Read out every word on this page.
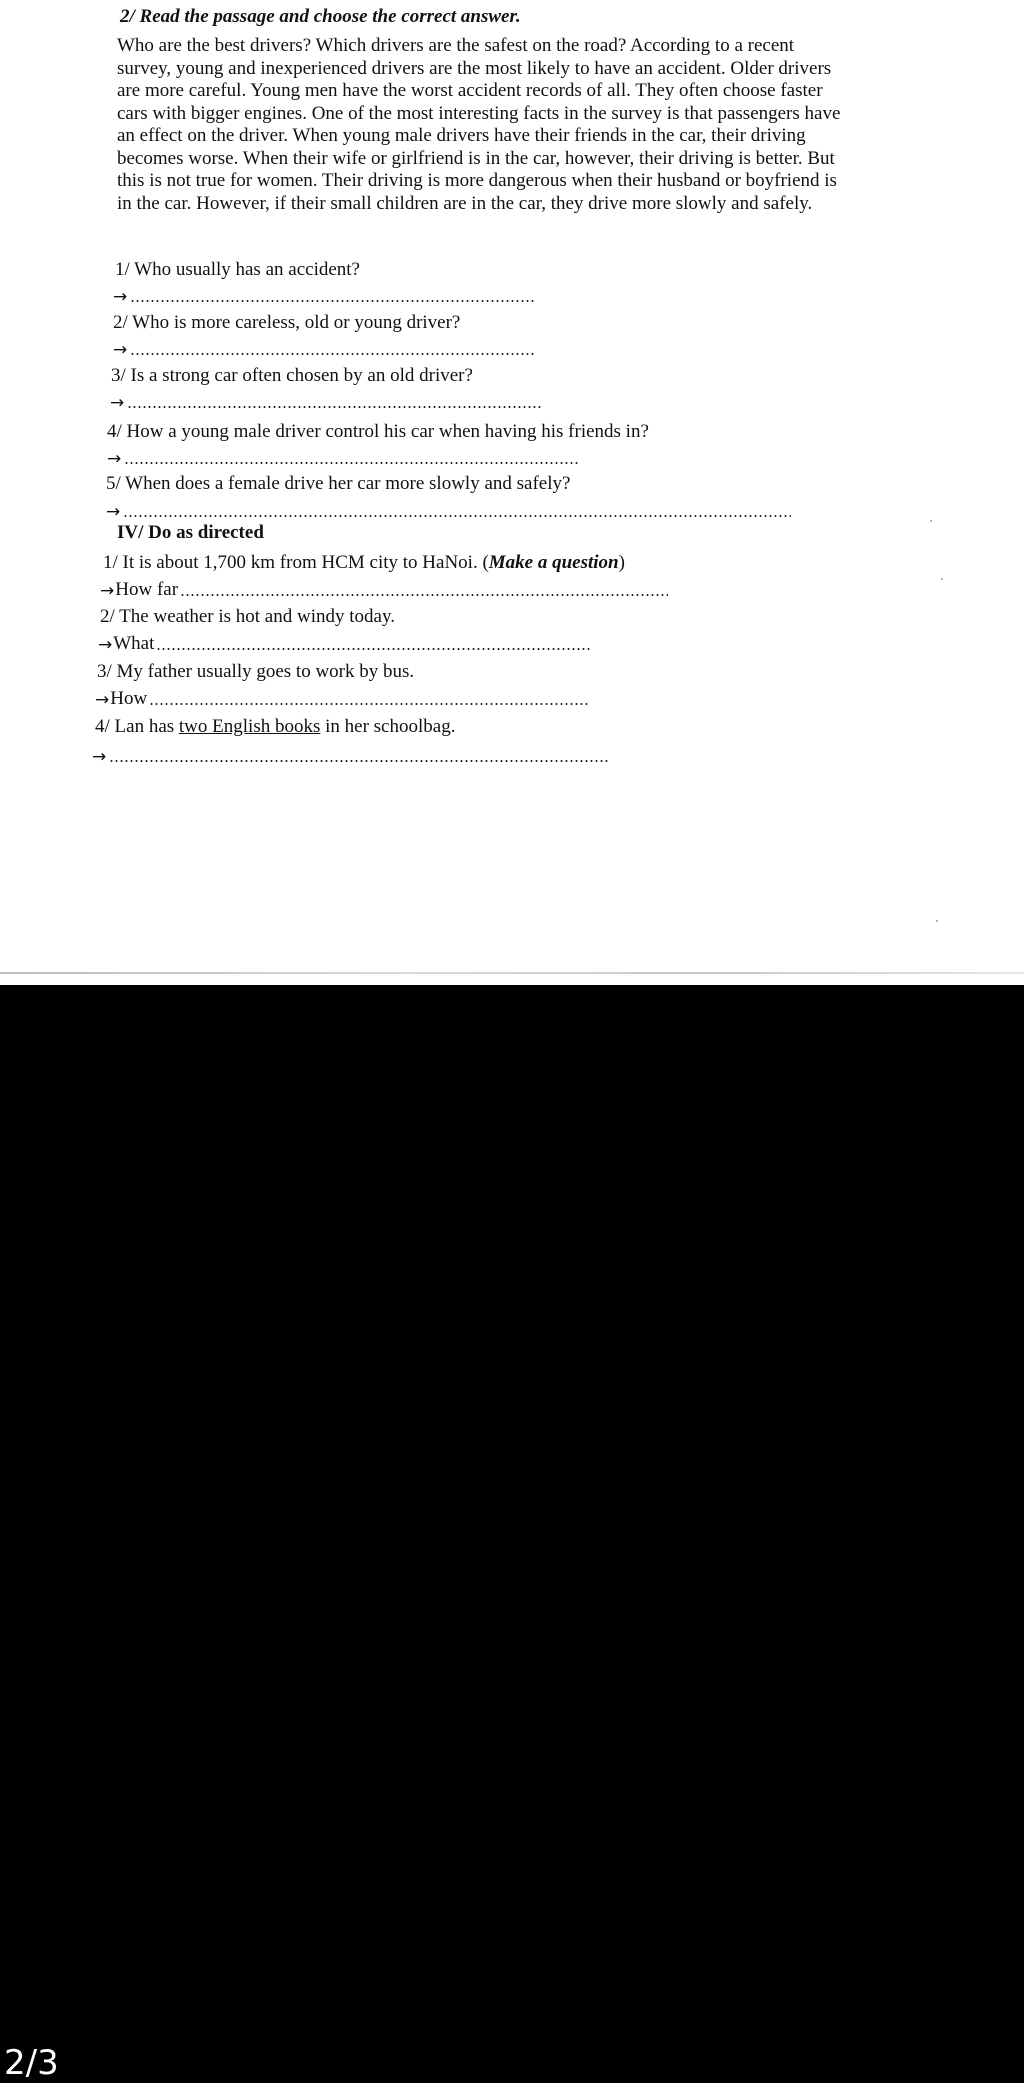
2/ Read the passage and choose the correct answer.
Who are the best drivers? Which drivers are the safest on the road? According to a recent
survey, young and inexperienced drivers are the most likely to have an accident. Older drivers
are more careful. Young men have the worst accident records of all. They often choose faster
cars with bigger engines. One of the most interesting facts in the survey is that passengers have
an effect on the driver. When young male drivers have their friends in the car, their driving
becomes worse. When their wife or girlfriend is in the car, however, their driving is better. But
this is not true for women. Their driving is more dangerous when their husband or boyfriend is
in the car. However, if their small children are in the car, they drive more slowly and safely.
1/ Who usually has an accident?
→
2/ Who is more careless, old or young driver?
→
3/ Is a strong car often chosen by an old driver?
→
4/ How a young male driver control his car when having his friends in?
→
5/ When does a female drive her car more slowly and safely?
→
IV/ Do as directed
1/ It is about 1,700 km from HCM city to HaNoi. (Make a question)
→ How far
2/ The weather is hot and windy today.
→ What
3/ My father usually goes to work by bus.
→ How
4/ Lan has two English books in her schoolbag.
→
2/3
